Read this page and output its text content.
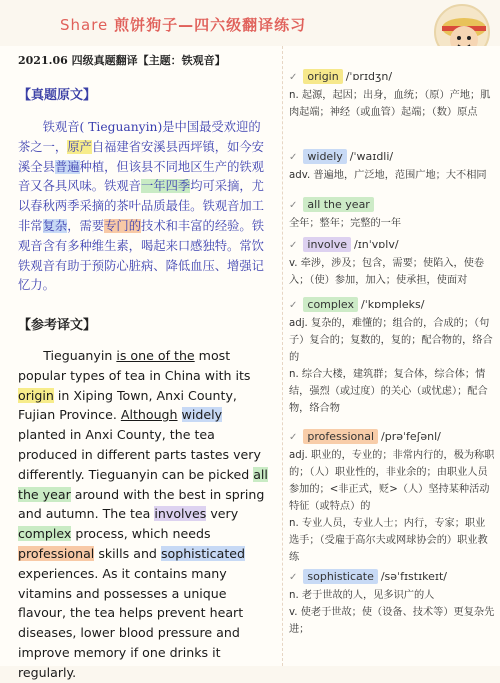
Share 煎饼狗子—四六级翻译练习
2021.06 四级真题翻译【主题：铁观音】
【真题原文】
铁观音( Tieguanyin)是中国最受欢迎的茶之一，原产自福建省安溪县西坪镇，如今安溪全县普遍种植，但该县不同地区生产的铁观音又各具风味。铁观音一年四季均可采摘，尤以春秋两季采摘的茶叶品质最佳。铁观音加工非常复杂，需要专门的技术和丰富的经验。铁观音含有多种维生素，喝起来口感独特。常饮铁观音有助于预防心脏病、降低血压、增强记忆力。
【参考译文】
Tieguanyin is one of the most popular types of tea in China with its origin in Xiping Town, Anxi County, Fujian Province. Although widely planted in Anxi County, the tea produced in different parts tastes very differently. Tieguanyin can be picked all the year around with the best in spring and autumn. The tea involves very complex process, which needs professional skills and sophisticated experiences. As it contains many vitamins and possesses a unique flavour, the tea helps prevent heart diseases, lower blood pressure and improve memory if one drinks it regularly.
✓ origin /ˈɒrɪdʒn/
n. 起源，起因；出身，血统；（原）产地；肌肉起端；神经（或血管）起端；（数）原点
✓ widely /ˈwaɪdli/
adv. 普遍地，广泛地，范围广地；大不相同
✓ all the year
全年；整年；完整的一年
✓ involve /ɪnˈvɒlv/
v. 牵涉，涉及；包含，需要；使陷入，使卷入；（使）参加，加入；使承担，使面对
✓ complex /ˈkɒmpleks/
adj. 复杂的，难懂的；组合的，合成的；（句子）复合的；复数的，复的；配合物的，络合的
n. 综合大楼，建筑群；复合体，综合体；情结，强烈（或过度）的关心（或忧虑）；配合物，络合物
✓ professional /prəˈfeʃənl/
adj. 职业的，专业的；非常内行的，极为称职的；（人）职业性的，非业余的；由职业人员参加的；<非正式，贬>（人）坚持某种活动特征（或特点）的
n. 专业人员，专业人士；内行，专家；职业选手；（受雇于高尔夫或网球协会的）职业教练
✓ sophisticate /səˈfɪstɪkeɪt/
n. 老于世故的人，见多识广的人
v. 使老于世故；使（设备、技术等）更复杂先进；
